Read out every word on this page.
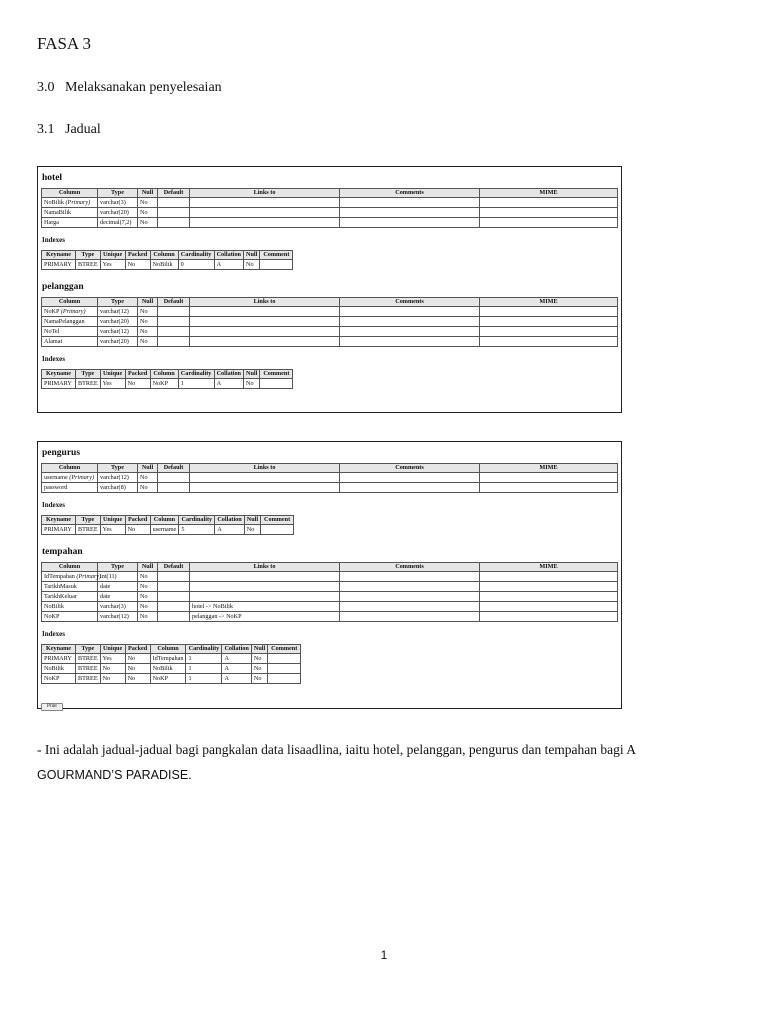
FASA 3
3.0 Melaksanakan penyelesaian
3.1 Jadual
hotel
Column	Type	Null	Default	Links to	Comments	MIME
NoBilik (Primary)	varchar(3)	No				
NamaBilik	varchar(20)	No				
Harga	decimal(7,2)	No				
Indexes
Keyname	Type	Unique	Packed	Column	Cardinality	Collation	Null	Comment
PRIMARY	BTREE	Yes	No	NoBilik	0	A	No	
pelanggan
Column	Type	Null	Default	Links to	Comments	MIME
NoKP (Primary)	varchar(12)	No				
NamaPelanggan	varchar(20)	No				
NoTel	varchar(12)	No				
Alamat	varchar(20)	No				
Indexes
Keyname	Type	Unique	Packed	Column	Cardinality	Collation	Null	Comment
PRIMARY	BTREE	Yes	No	NoKP	1	A	No	
pengurus
Column	Type	Null	Default	Links to	Comments	MIME
username (Primary)	varchar(12)	No				
password	varchar(8)	No				
Indexes
Keyname	Type	Unique	Packed	Column	Cardinality	Collation	Null	Comment
PRIMARY	BTREE	Yes	No	username	5	A	No	
tempahan
Column	Type	Null	Default	Links to	Comments	MIME
IdTempahan (Primary)	int(11)	No				
TarikhMasuk	date	No				
TarikhKeluar	date	No				
NoBilik	varchar(3)	No		hotel -> NoBilik		
NoKP	varchar(12)	No		pelanggan -> NoKP		
Indexes
Keyname	Type	Unique	Packed	Column	Cardinality	Collation	Null	Comment
PRIMARY	BTREE	Yes	No	IdTempahan	1	A	No	
NoBilik	BTREE	No	No	NoBilik	1	A	No	
NoKP	BTREE	No	No	NoKP	1	A	No	
Print
- Ini adalah jadual-jadual bagi pangkalan data lisaadlina, iaitu hotel, pelanggan, pengurus dan tempahan bagi A
GOURMAND’S PARADISE.
1
